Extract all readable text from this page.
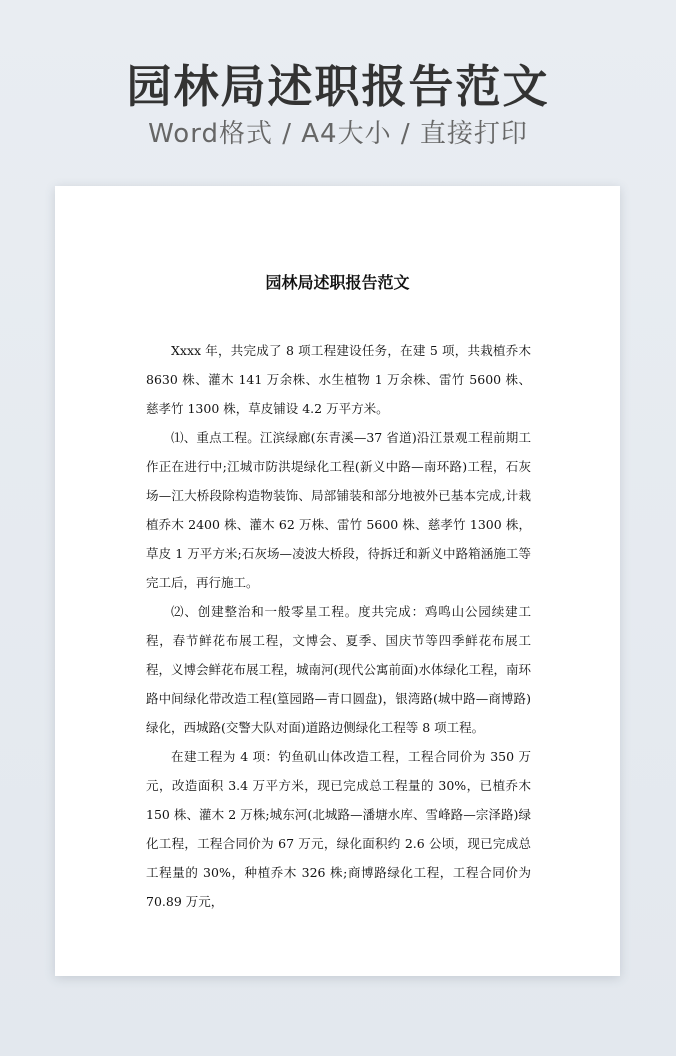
园林局述职报告范文
Word格式 / A4大小 / 直接打印
园林局述职报告范文

Xxxx 年，共完成了 8 项工程建设任务，在建 5 项，共栽植乔木 8630 株、灌木 141 万余株、水生植物 1 万余株、雷竹 5600 株、慈孝竹 1300 株，草皮铺设 4.2 万平方米。

⑴、重点工程。江滨绿廊(东青溪—37 省道)沿江景观工程前期工作正在进行中;江城市防洪堤绿化工程(新义中路—南环路)工程，石灰场—江大桥段除构造物装饰、局部铺装和部分地被外已基本完成,计栽植乔木 2400 株、灌木 62 万株、雷竹 5600 株、慈孝竹 1300 株，草皮 1 万平方米;石灰场—凌波大桥段，待拆迁和新义中路箱涵施工等完工后，再行施工。

⑵、创建整治和一般零星工程。度共完成：鸡鸣山公园续建工程，春节鲜花布展工程，文博会、夏季、国庆节等四季鲜花布展工程，义博会鲜花布展工程，城南河(现代公寓前面)水体绿化工程，南环路中间绿化带改造工程(篁园路—青口圆盘)，银湾路(城中路—商博路)绿化，西城路(交警大队对面)道路边侧绿化工程等 8 项工程。

在建工程为 4 项：钓鱼矶山体改造工程，工程合同价为 350 万元，改造面积 3.4 万平方米，现已完成总工程量的 30%，已植乔木 150 株、灌木 2 万株;城东河(北城路—潘塘水库、雪峰路—宗泽路)绿化工程，工程合同价为 67 万元，绿化面积约 2.6 公顷，现已完成总工程量的 30%，种植乔木 326 株;商博路绿化工程，工程合同价为 70.89 万元，
